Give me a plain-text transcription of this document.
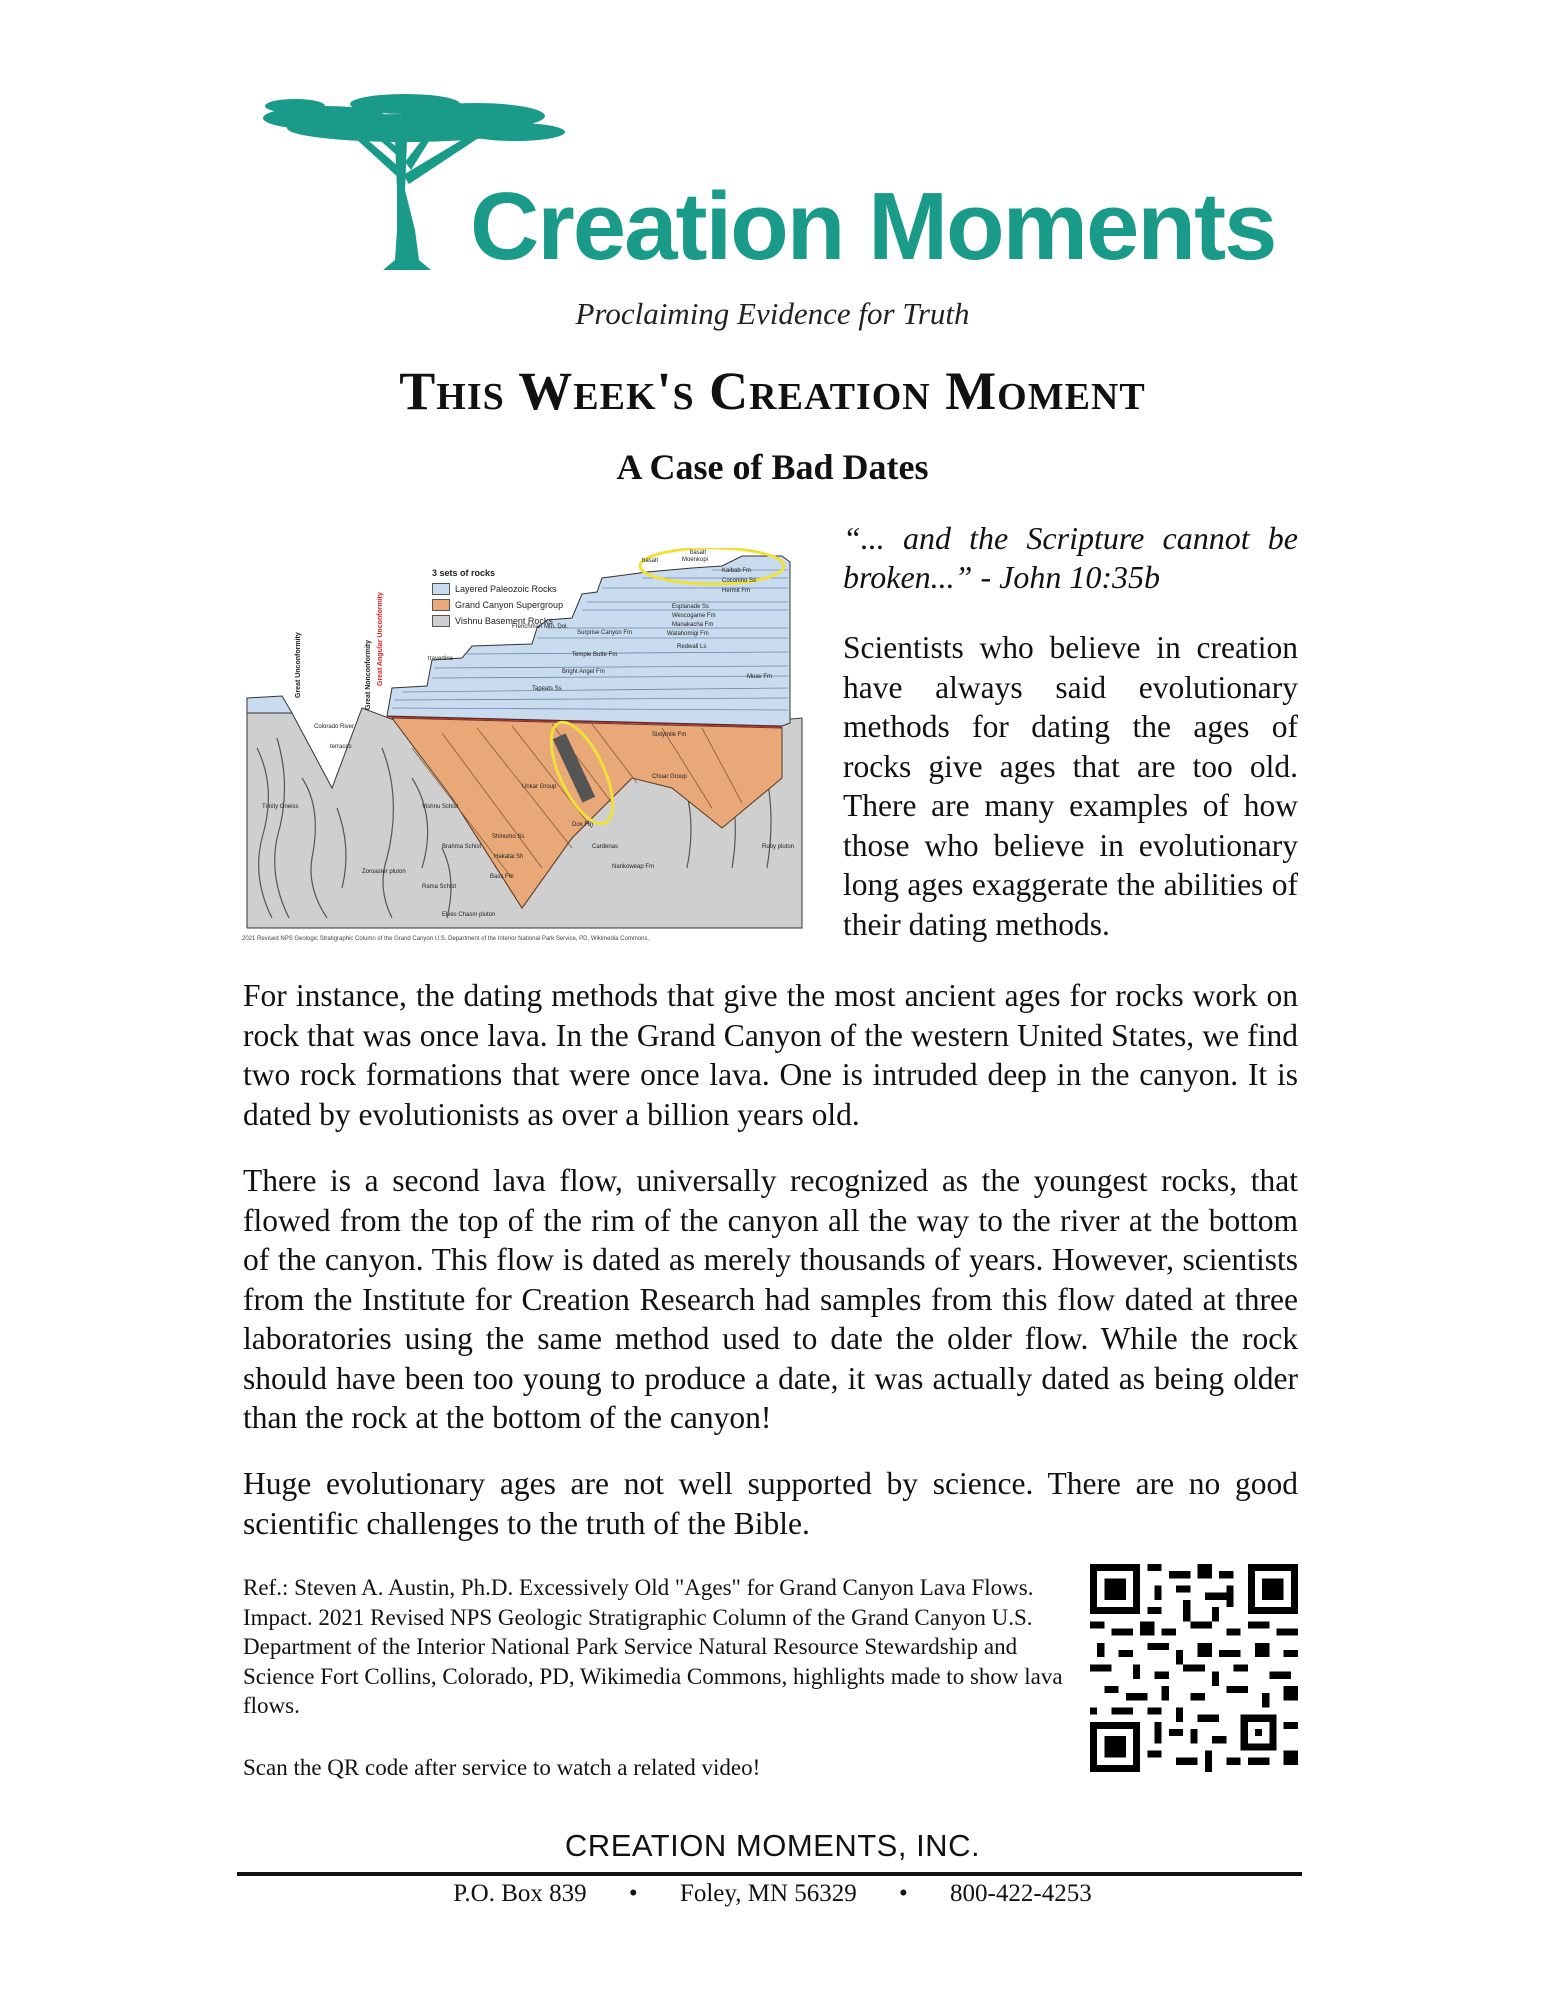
Creation Moments
Proclaiming Evidence for Truth
This Week's Creation Moment
A Case of Bad Dates
basalt
basalt
Moenkopi
Kaibab Fm
Coconino Ss
Hermit Fm
Esplanade Ss
Wescogame Fm
Manakacha Fm
Watahomigi Fm
Redwall Ls
Muav Fm
Temple Butte Fm
Bright Angel Fm
Tapeats Ss
Surprise Canyon Fm
Frenchman Mtn. Dol.
travertine
Colorado River
terraces
Sixtymile Fm
Unkar Group
Dox Fm
Cardenas
Shinumo Ss
Hakatai Sh
Bass Fm
Chuar Group
Nankoweap Fm
Vishnu Schist
Brahma Schist
Rama Schist
Zoroaster pluton
Elves Chasm pluton
Trinity Gneiss
Ruby pluton
Great Unconformity	Great Nonconformity Great Angular Unconformity
3 sets of rocks
Layered Paleozoic Rocks
Grand Canyon Supergroup
Vishnu Basement Rocks
2021 Revised NPS Geologic Stratigraphic Column of the Grand Canyon U.S. Department of the Interior National Park Service, PD, Wikimedia Commons.
“... and the Scripture cannot be broken...” - John 10:35b
Scientists who believe in creation have always said evolutionary methods for dating the ages of rocks give ages that are too old. There are many examples of how those who believe in evolutionary long ages exaggerate the abilities of their dating methods.
For instance, the dating methods that give the most ancient ages for rocks work on rock that was once lava. In the Grand Canyon of the western United States, we find two rock formations that were once lava. One is intruded deep in the canyon. It is dated by evolutionists as over a billion years old.
There is a second lava flow, universally recognized as the youngest rocks, that flowed from the top of the rim of the canyon all the way to the river at the bottom of the canyon. This flow is dated as merely thousands of years. However, scientists from the Institute for Creation Research had samples from this flow dated at three laboratories using the same method used to date the older flow. While the rock should have been too young to produce a date, it was actually dated as being older than the rock at the bottom of the canyon!
Huge evolutionary ages are not well supported by science. There are no good scientific challenges to the truth of the Bible.
Ref.: Steven A. Austin, Ph.D. Excessively Old "Ages" for Grand Canyon Lava Flows. Impact. 2021 Revised NPS Geologic Stratigraphic Column of the Grand Canyon U.S. Department of the Interior National Park Service Natural Resource Stewardship and Science Fort Collins, Colorado, PD, Wikimedia Commons, highlights made to show lava flows.
Scan the QR code after service to watch a related video!
CREATION MOMENTS, INC.
P.O. Box 839 • Foley, MN 56329 • 800-422-4253
